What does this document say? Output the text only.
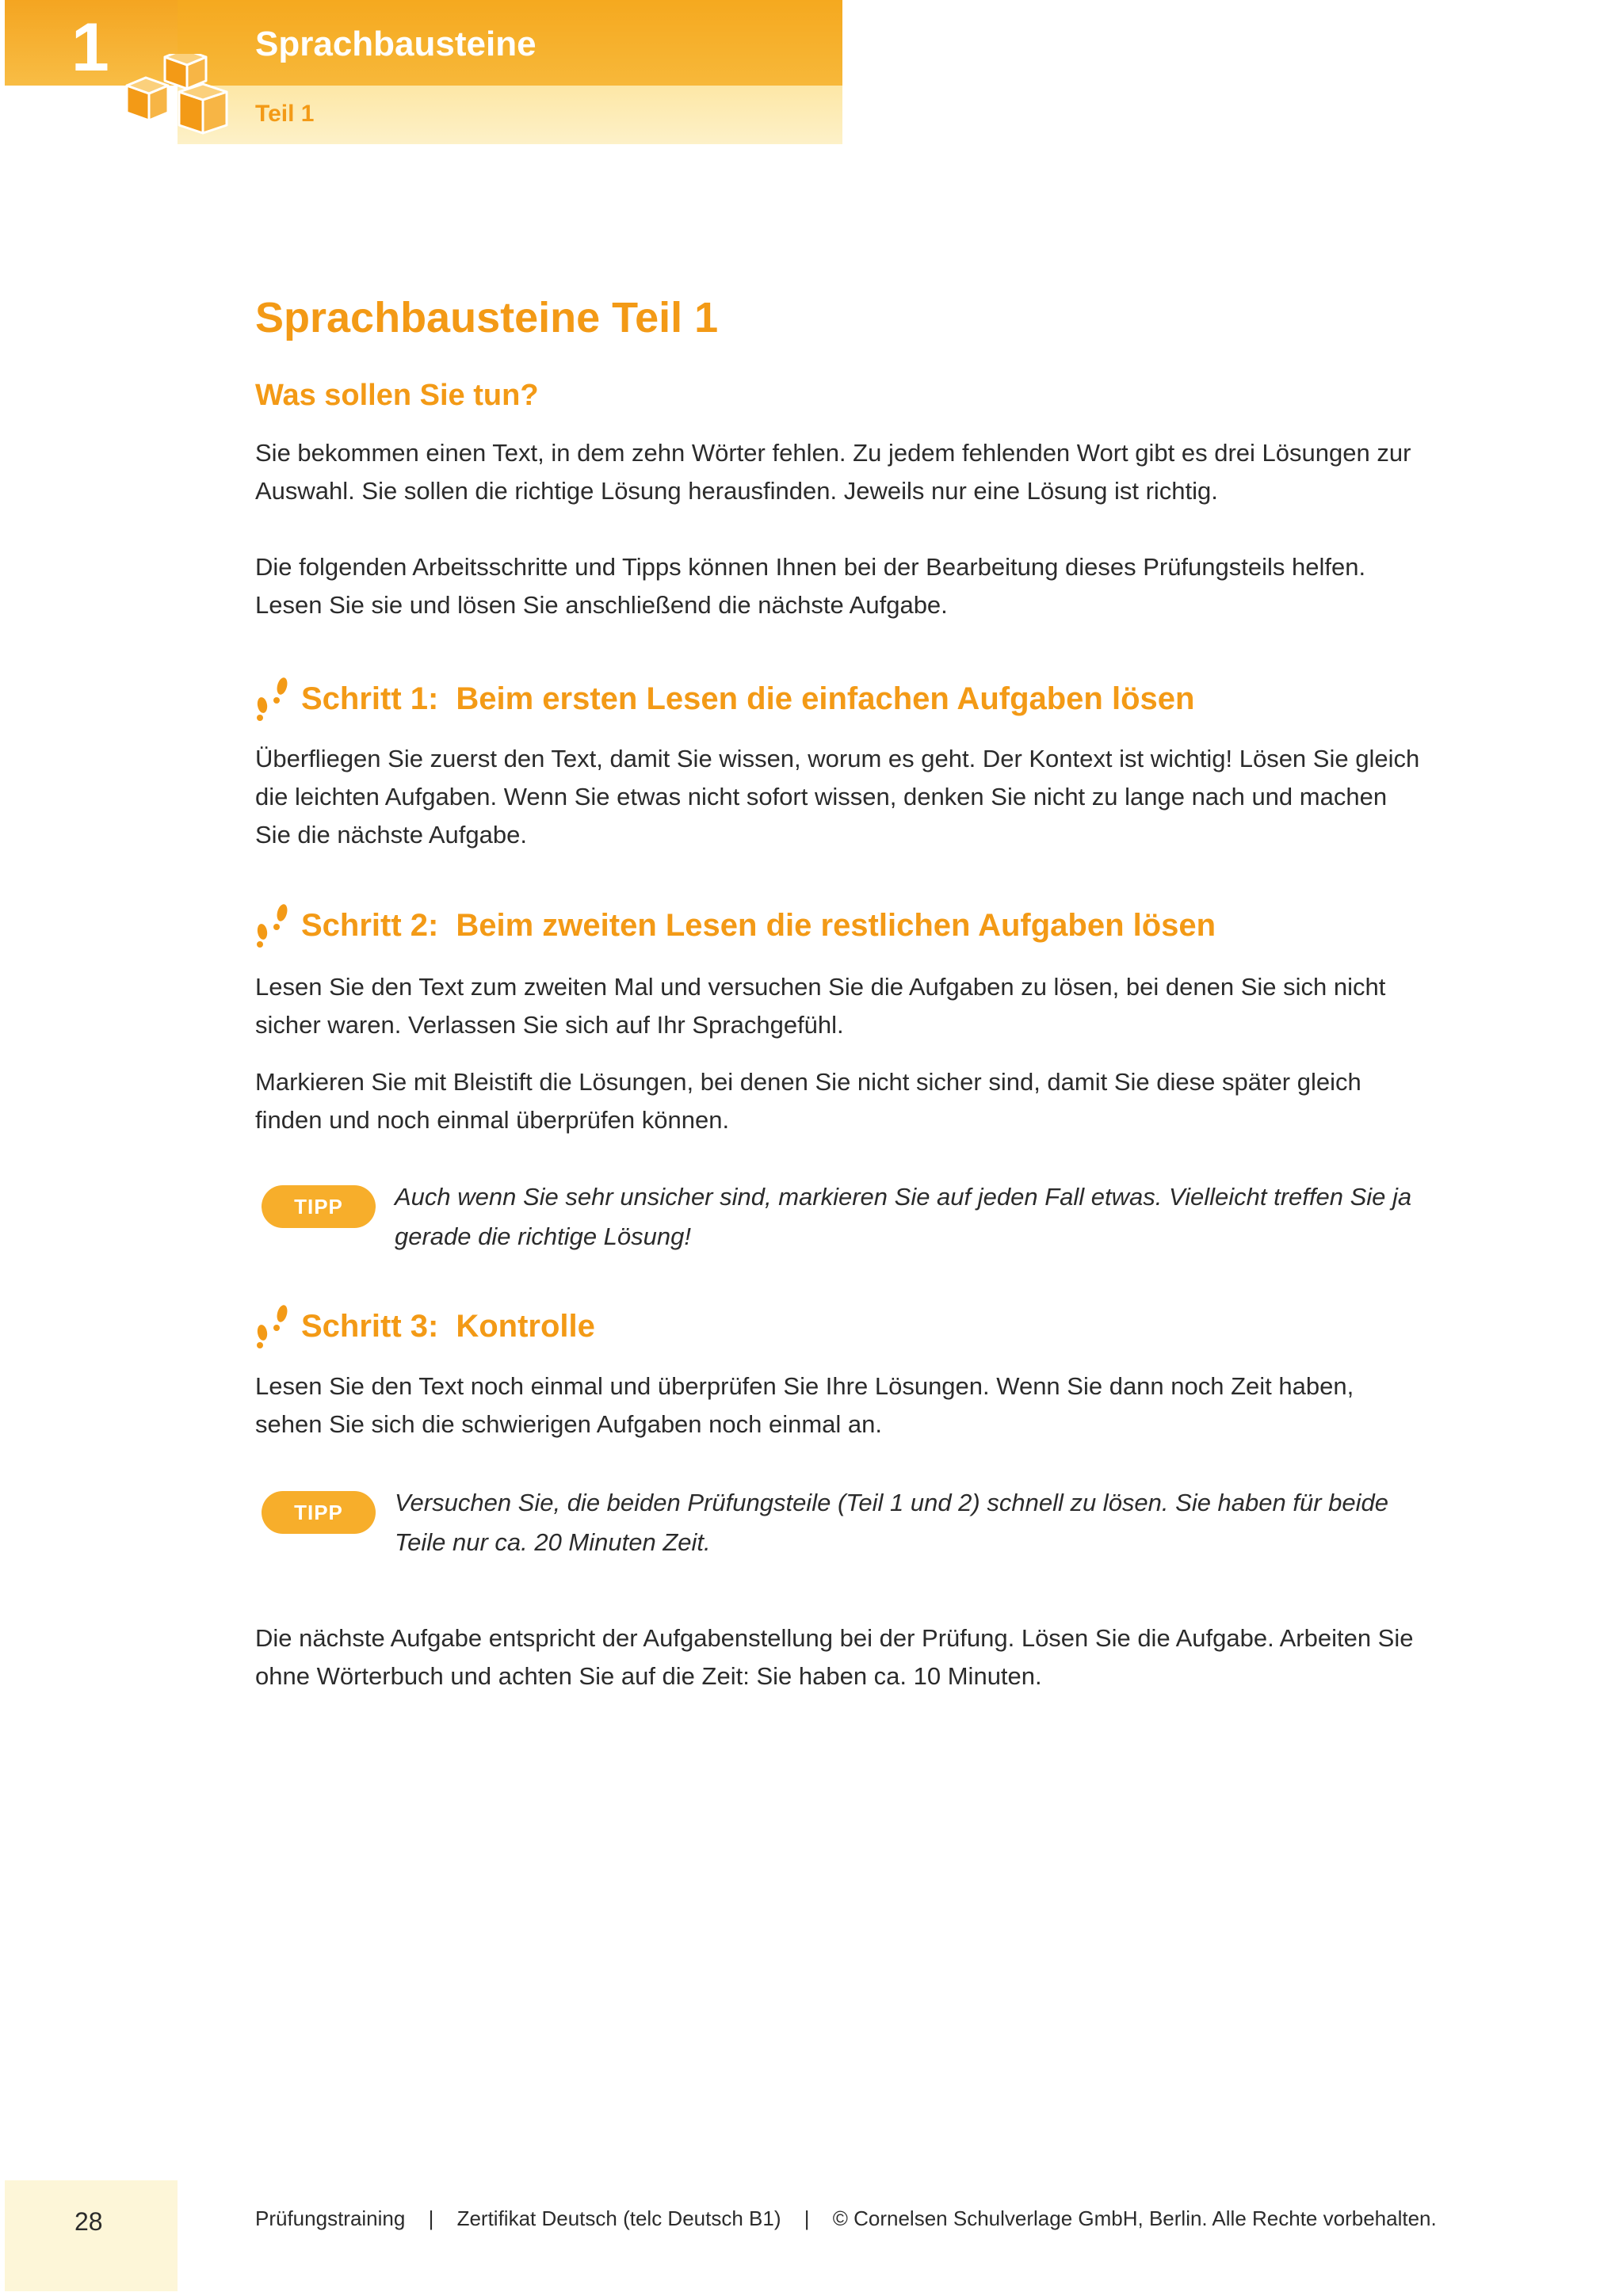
1	Sprachbausteine
Teil 1
Sprachbausteine Teil 1
Was sollen Sie tun?

Sie bekommen einen Text, in dem zehn Wörter fehlen. Zu jedem fehlenden Wort gibt es drei Lösungen zur Auswahl. Sie sollen die richtige Lösung herausfinden. Jeweils nur eine Lösung ist richtig.

Die folgenden Arbeitsschritte und Tipps können Ihnen bei der Bearbeitung dieses Prüfungsteils helfen. Lesen Sie sie und lösen Sie anschließend die nächste Aufgabe.

Schritt 1: Beim ersten Lesen die einfachen Aufgaben lösen

Überfliegen Sie zuerst den Text, damit Sie wissen, worum es geht. Der Kontext ist wichtig! Lösen Sie gleich die leichten Aufgaben. Wenn Sie etwas nicht sofort wissen, denken Sie nicht zu lange nach und machen Sie die nächste Aufgabe.

Schritt 2: Beim zweiten Lesen die restlichen Aufgaben lösen

Lesen Sie den Text zum zweiten Mal und versuchen Sie die Aufgaben zu lösen, bei denen Sie sich nicht sicher waren. Verlassen Sie sich auf Ihr Sprachgefühl.

Markieren Sie mit Bleistift die Lösungen, bei denen Sie nicht sicher sind, damit Sie diese später gleich finden und noch einmal überprüfen können.

TIPP	Auch wenn Sie sehr unsicher sind, markieren Sie auf jeden Fall etwas. Vielleicht treffen Sie ja gerade die richtige Lösung!

Schritt 3: Kontrolle

Lesen Sie den Text noch einmal und überprüfen Sie Ihre Lösungen. Wenn Sie dann noch Zeit haben, sehen Sie sich die schwierigen Aufgaben noch einmal an.

TIPP	Versuchen Sie, die beiden Prüfungsteile (Teil 1 und 2) schnell zu lösen. Sie haben für beide Teile nur ca. 20 Minuten Zeit.

Die nächste Aufgabe entspricht der Aufgabenstellung bei der Prüfung. Lösen Sie die Aufgabe. Arbeiten Sie ohne Wörterbuch und achten Sie auf die Zeit: Sie haben ca. 10 Minuten.

28	Prüfungstraining | Zertifikat Deutsch (telc Deutsch B1) | © Cornelsen Schulverlage GmbH, Berlin. Alle Rechte vorbehalten.
